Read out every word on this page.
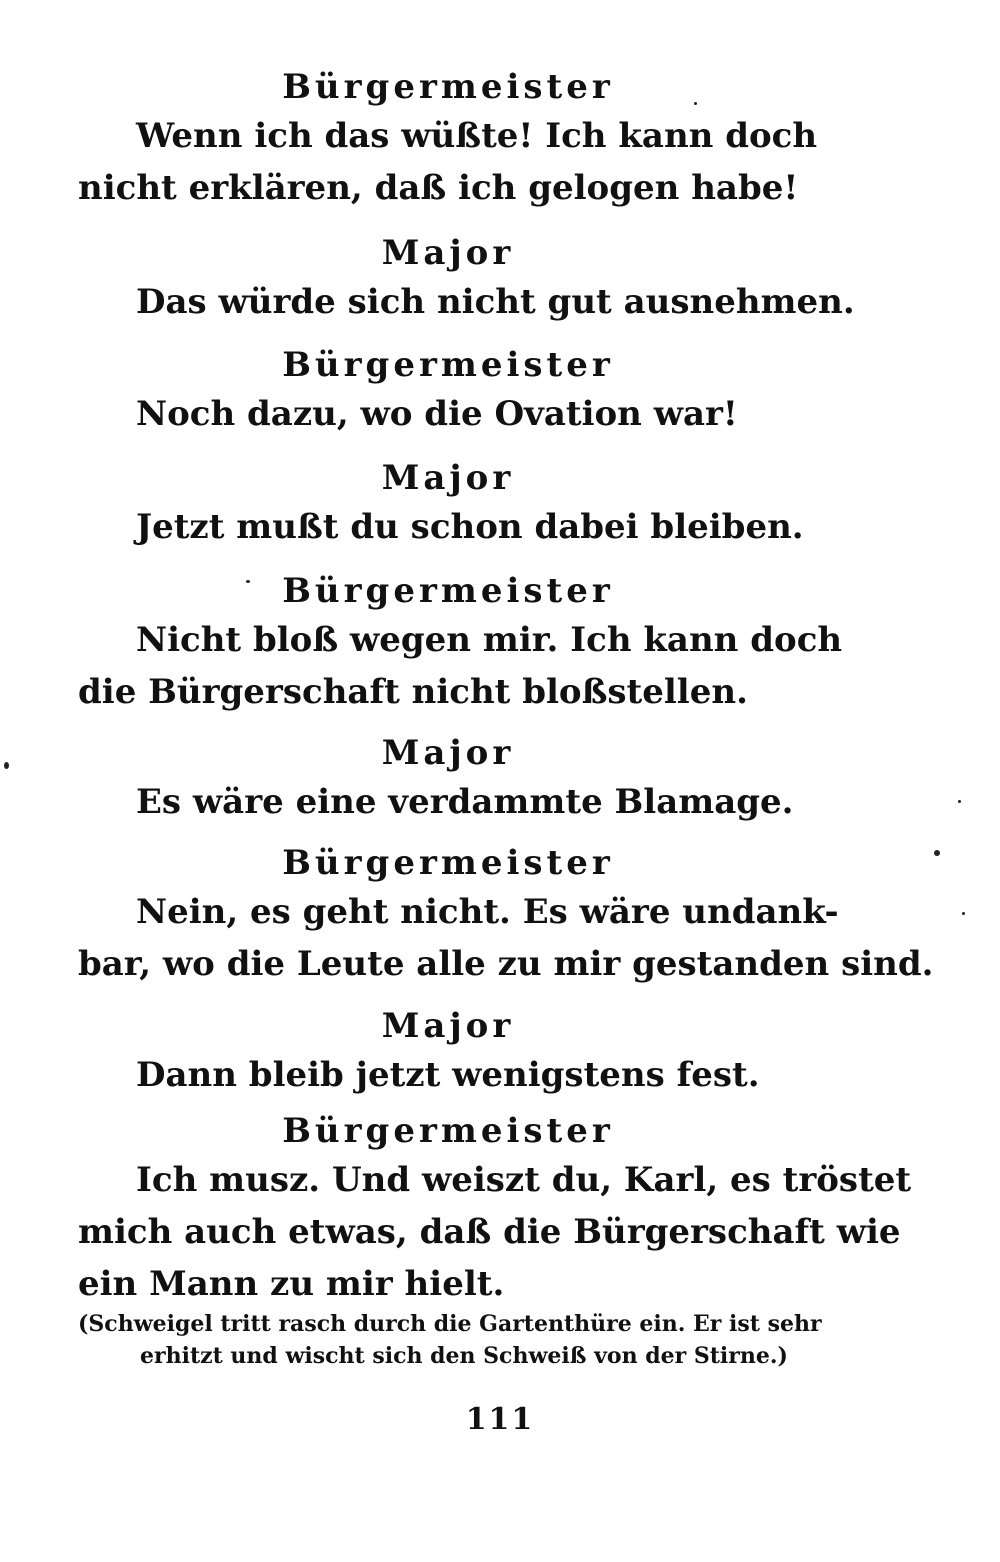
Bürgermeister
Wenn ich das wüßte! Ich kann doch
nicht erklären, daß ich gelogen habe!
Major
Das würde sich nicht gut ausnehmen.
Bürgermeister
Noch dazu, wo die Ovation war!
Major
Jetzt mußt du schon dabei bleiben.
Bürgermeister
Nicht bloß wegen mir. Ich kann doch
die Bürgerschaft nicht bloßstellen.
Major
Es wäre eine verdammte Blamage.
Bürgermeister
Nein, es geht nicht. Es wäre undank-
bar, wo die Leute alle zu mir gestanden sind.
Major
Dann bleib jetzt wenigstens fest.
Bürgermeister
Ich musz. Und weiszt du, Karl, es tröstet
mich auch etwas, daß die Bürgerschaft wie
ein Mann zu mir hielt.
(Schweigel tritt rasch durch die Gartenthüre ein. Er ist sehr
erhitzt und wischt sich den Schweiß von der Stirne.)
111
